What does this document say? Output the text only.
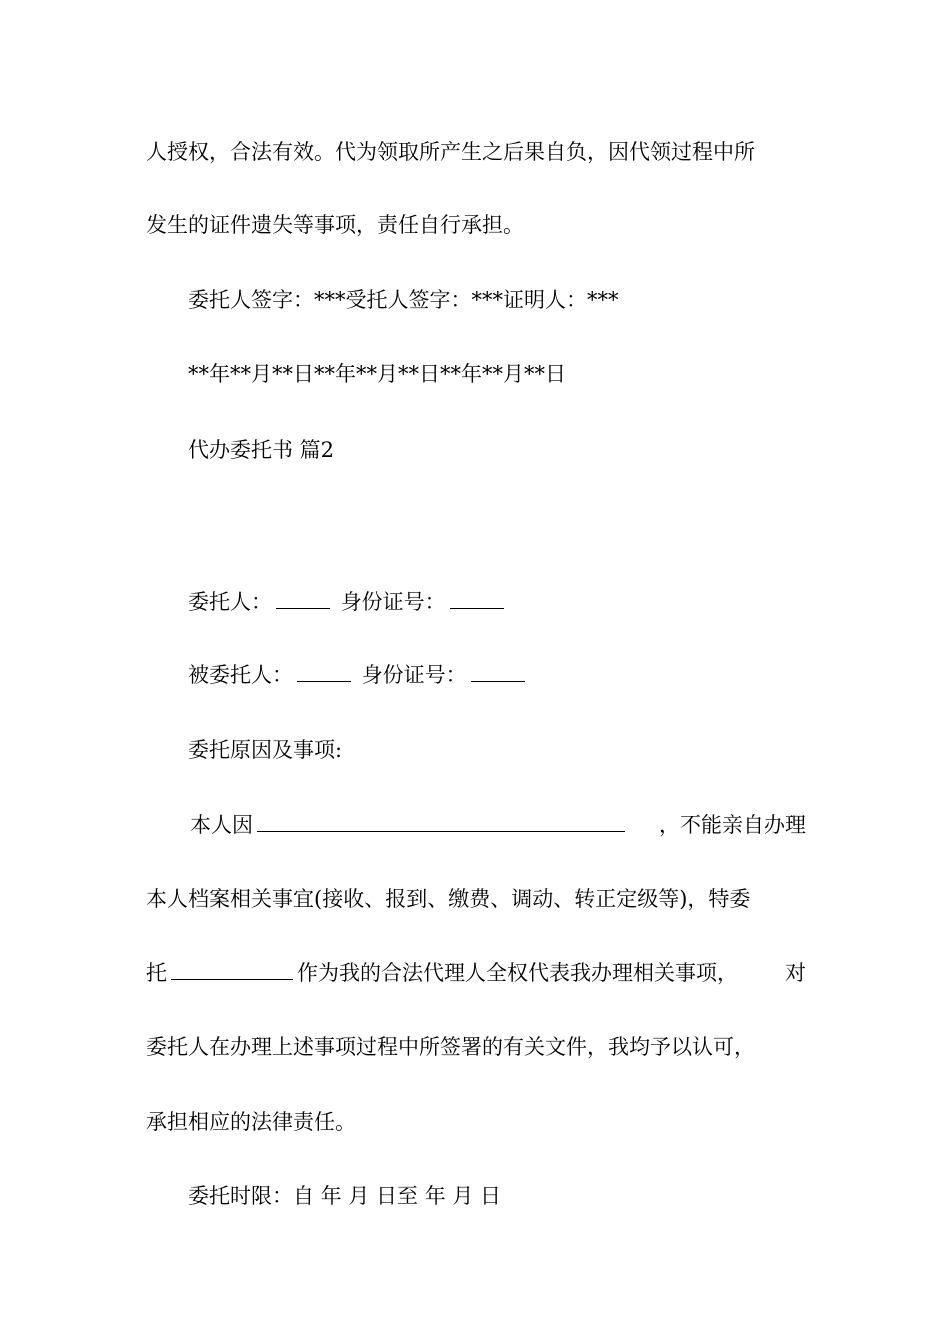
人授权，合法有效。代为领取所产生之后果自负，因代领过程中所
发生的证件遗失等事项，责任自行承担。
委托人签字：***受托人签字：***证明人：***
**年**月**日**年**月**日**年**月**日
代办委托书 篇2
委托人：	身份证号：
被委托人：	身份证号：
委托原因及事项:
本人因	，不能亲自办理
本人档案相关事宜(接收、报到、缴费、调动、转正定级等)，特委
托	作为我的合法代理人全权代表我办理相关事项， 对
委托人在办理上述事项过程中所签署的有关文件，我均予以认可，
承担相应的法律责任。
委托时限：自 年 月 日至 年 月 日
